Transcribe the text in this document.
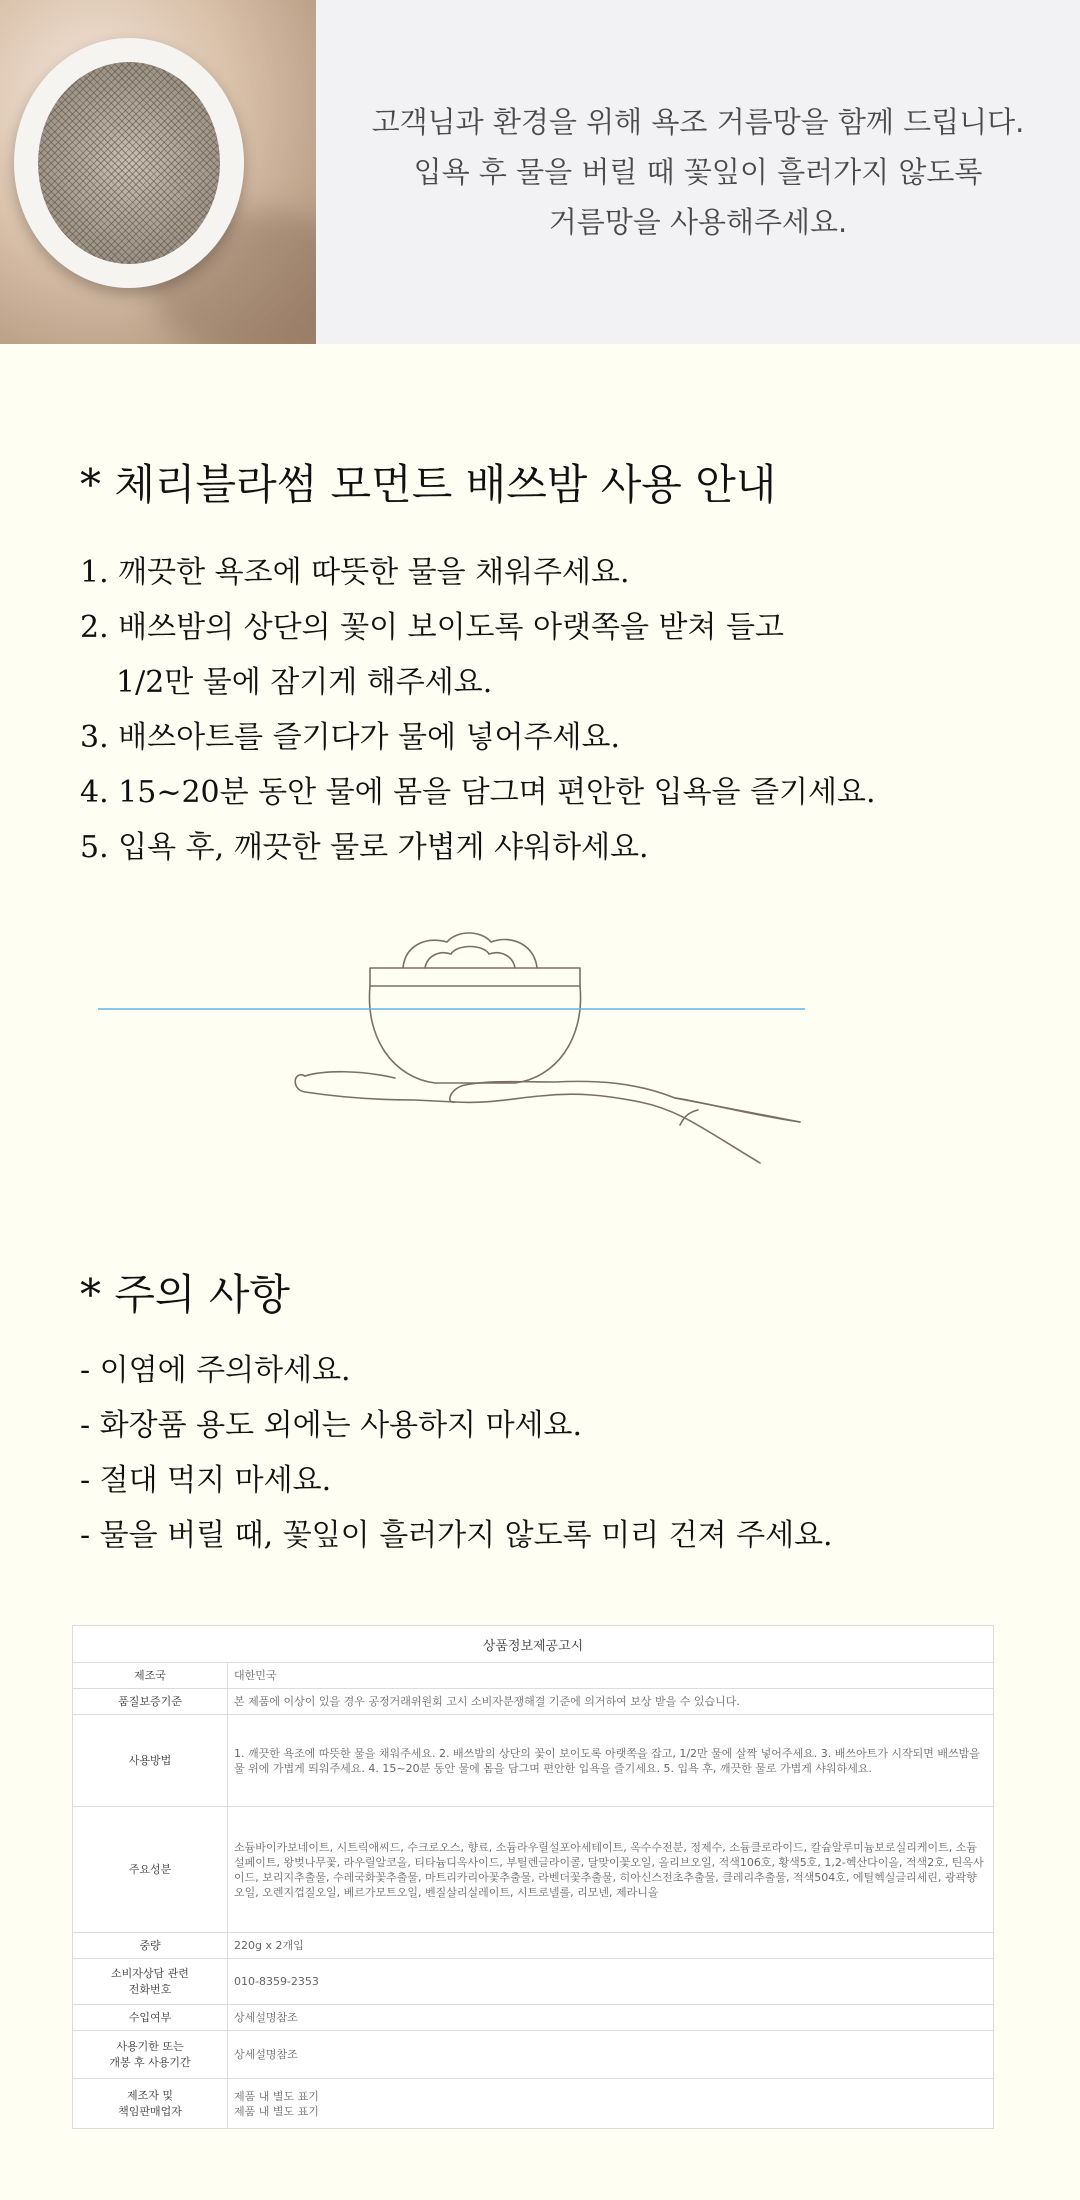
고객님과 환경을 위해 욕조 거름망을 함께 드립니다.
입욕 후 물을 버릴 때 꽃잎이 흘러가지 않도록
거름망을 사용해주세요.
* 체리블라썸 모먼트 배쓰밤 사용 안내
1. 깨끗한 욕조에 따뜻한 물을 채워주세요.
2. 배쓰밤의 상단의 꽃이 보이도록 아랫쪽을 받쳐 들고
1/2만 물에 잠기게 해주세요.
3. 배쓰아트를 즐기다가 물에 넣어주세요.
4. 15~20분 동안 물에 몸을 담그며 편안한 입욕을 즐기세요.
5. 입욕 후, 깨끗한 물로 가볍게 샤워하세요.
* 주의 사항
- 이염에 주의하세요.
- 화장품 용도 외에는 사용하지 마세요.
- 절대 먹지 마세요.
- 물을 버릴 때, 꽃잎이 흘러가지 않도록 미리 건져 주세요.
상품정보제공고시	
제조국	대한민국
품질보증기준	본 제품에 이상이 있을 경우 공정거래위원회 고시 소비자분쟁해결 기준에 의거하여 보상 받을 수 있습니다.
사용방법	1. 깨끗한 욕조에 따뜻한 물을 채워주세요. 2. 배쓰밤의 상단의 꽃이 보이도록 아랫쪽을 잡고, 1/2만 물에 살짝 넣어주세요. 3. 배쓰아트가 시작되면 배쓰밤을 물 위에 가볍게 띄워주세요. 4. 15~20분 동안 물에 몸을 담그며 편안한 입욕을 즐기세요. 5. 입욕 후, 깨끗한 물로 가볍게 샤워하세요.
주요성분	소듐바이카보네이트, 시트릭애씨드, 수크로오스, 향료, 소듐라우릴설포아세테이트, 옥수수전분, 정제수, 소듐클로라이드, 칼슘알루미늄보로실리케이트, 소듐설페이트, 왕벚나무꽃, 라우릴알코올, 티타늄디옥사이드, 부틸렌글라이콜, 달맞이꽃오일, 올리브오일, 적색106호, 황색5호, 1,2-헥산다이올, 적색2호, 틴옥사이드, 보리지추출물, 수레국화꽃추출물, 마트리카리아꽃추출물, 라벤더꽃추출물, 히아신스전초추출물, 클레리추출물, 적색504호, 에틸헥실글리세린, 광곽향오일, 오렌지껍질오일, 베르가모트오일, 벤질살리실레이트, 시트로넬롤, 리모넨, 제라니올
중량	220g x 2개입
소비자상담 관련
전화번호	010-8359-2353
수입여부	상세설명참조
사용기한 또는
개봉 후 사용기간	상세설명참조
제조자 및
책임판매업자	제품 내 별도 표기
제품 내 별도 표기
